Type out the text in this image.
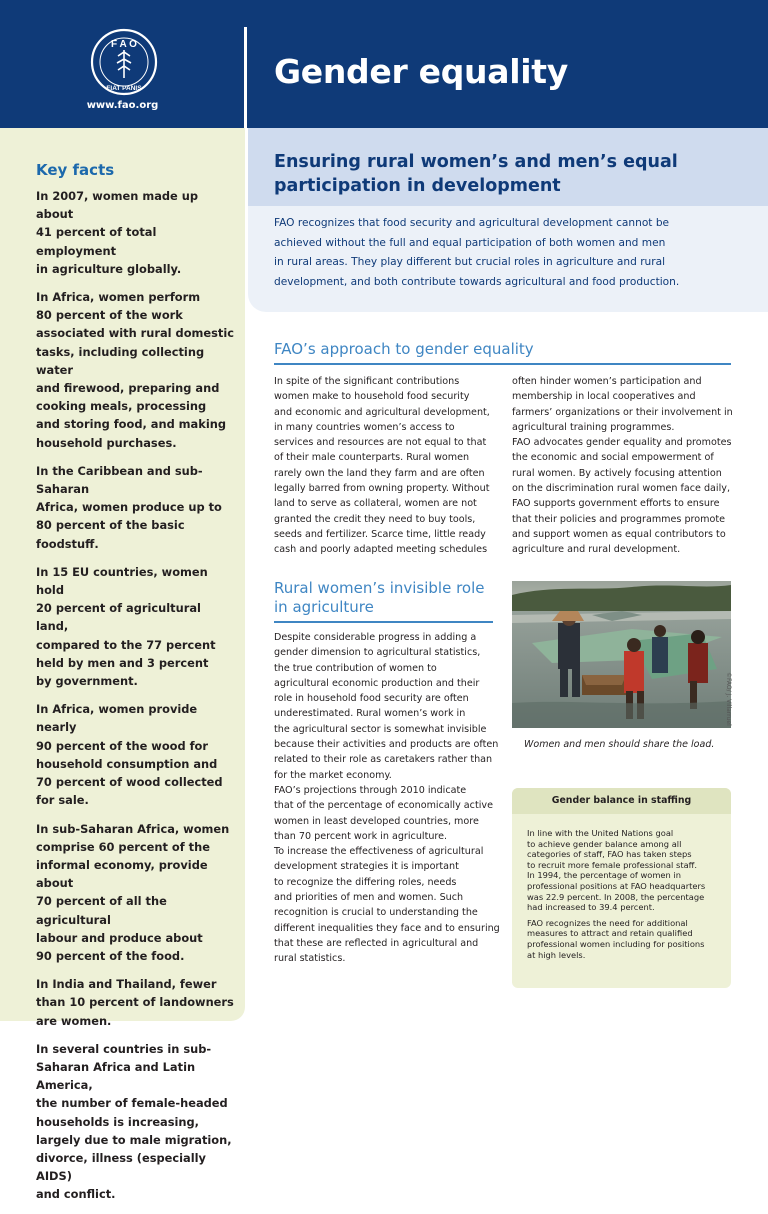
F A O
FIAT PANIS
www.fao.org
Gender equality
Key facts

In 2007, women made up about
41 percent of total employment
in agriculture globally.

In Africa, women perform
80 percent of the work
associated with rural domestic
tasks, including collecting water
and firewood, preparing and
cooking meals, processing
and storing food, and making
household purchases.

In the Caribbean and sub-Saharan
Africa, women produce up to
80 percent of the basic foodstuff.

In 15 EU countries, women hold
20 percent of agricultural land,
compared to the 77 percent
held by men and 3 percent
by government.

In Africa, women provide nearly
90 percent of the wood for
household consumption and
70 percent of wood collected
for sale.

In sub-Saharan Africa, women
comprise 60 percent of the
informal economy, provide about
70 percent of all the agricultural
labour and produce about
90 percent of the food.

In India and Thailand, fewer
than 10 percent of landowners
are women.

In several countries in sub-
Saharan Africa and Latin America,
the number of female-headed
households is increasing,
largely due to male migration,
divorce, illness (especially AIDS)
and conflict.

Ensuring rural women’s and men’s equal participation in development
FAO recognizes that food security and agricultural development cannot be
achieved without the full and equal participation of both women and men
in rural areas. They play different but crucial roles in agriculture and rural
development, and both contribute towards agricultural and food production.
FAO’s approach to gender equality

In spite of the significant contributions
women make to household food security
and economic and agricultural development,
in many countries women’s access to
services and resources are not equal to that
of their male counterparts. Rural women
rarely own the land they farm and are often
legally barred from owning property. Without
land to serve as collateral, women are not
granted the credit they need to buy tools,
seeds and fertilizer. Scarce time, little ready
cash and poorly adapted meeting schedules

often hinder women’s participation and
membership in local cooperatives and
farmers’ organizations or their involvement in
agricultural training programmes.

FAO advocates gender equality and promotes
the economic and social empowerment of
rural women. By actively focusing attention
on the discrimination rural women face daily,
FAO supports government efforts to ensure
that their policies and programmes promote
and support women as equal contributors to
agriculture and rural development.

Rural women’s invisible role
in agriculture

Despite considerable progress in adding a
gender dimension to agricultural statistics,
the true contribution of women to
agricultural economic production and their
role in household food security are often
underestimated. Rural women’s work in
the agricultural sector is somewhat invisible
because their activities and products are often
related to their role as caretakers rather than
for the market economy.

FAO’s projections through 2010 indicate
that of the percentage of economically active
women in least developed countries, more
than 70 percent work in agriculture.

To increase the effectiveness of agricultural
development strategies it is important
to recognize the differing roles, needs
and priorities of men and women. Such
recognition is crucial to understanding the
different inequalities they face and to ensuring
that these are reflected in agricultural and
rural statistics.

©FAO/ J. Villarruel
Women and men should share the load.
Gender balance in staffing

In line with the United Nations goal
to achieve gender balance among all
categories of staff, FAO has taken steps
to recruit more female professional staff.
In 1994, the percentage of women in
professional positions at FAO headquarters
was 22.9 percent. In 2008, the percentage
had increased to 39.4 percent.

FAO recognizes the need for additional
measures to attract and retain qualified
professional women including for positions
at high levels.
